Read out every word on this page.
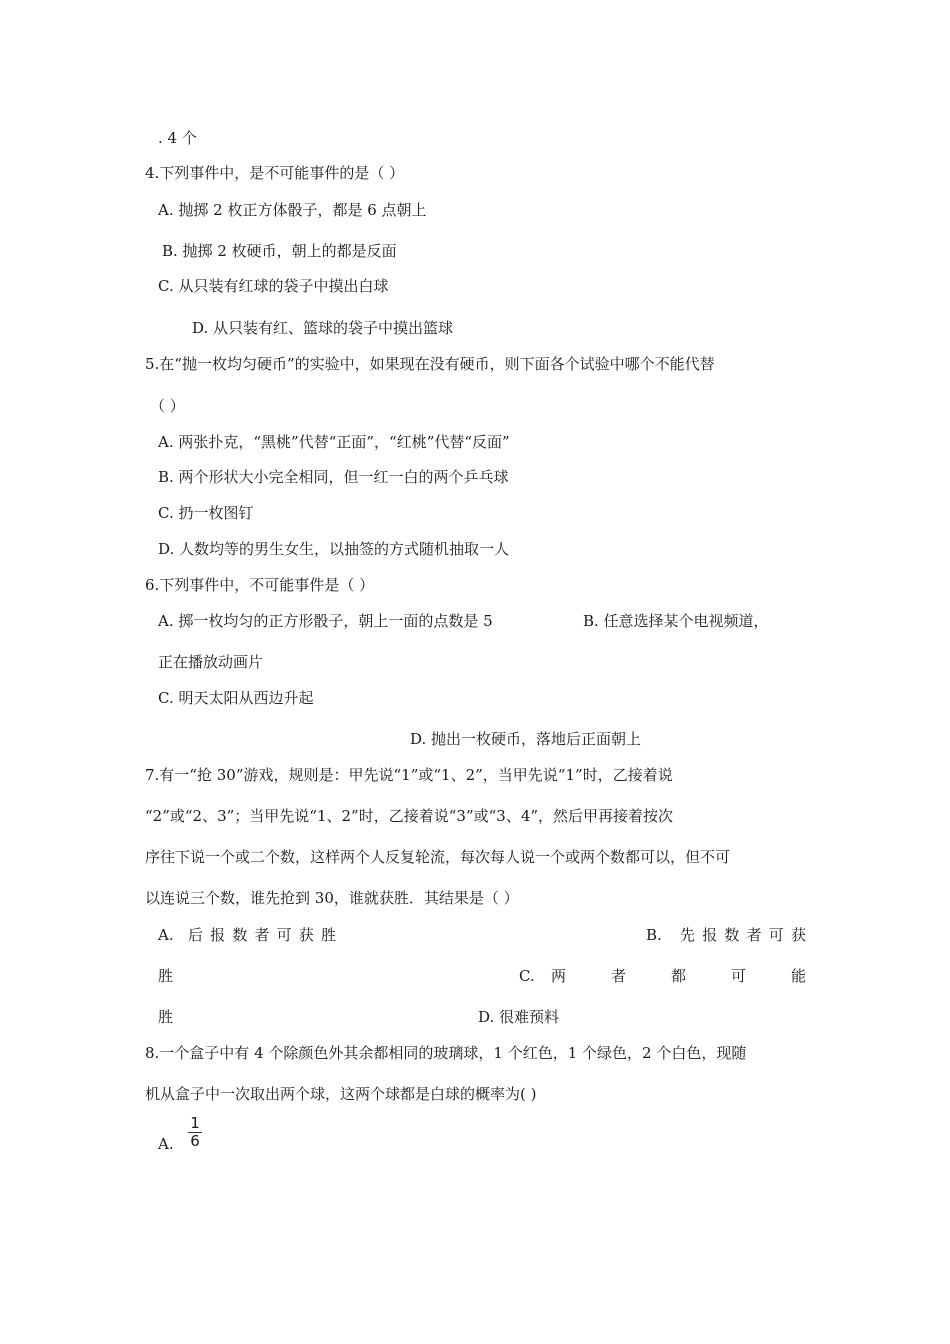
. 4 个
4.下列事件中，是不可能事件的是（ ）
A. 抛掷 2 枚正方体骰子，都是 6 点朝上
B. 抛掷 2 枚硬币，朝上的都是反面
C. 从只装有红球的袋子中摸出白球
D. 从只装有红、篮球的袋子中摸出篮球
5.在“抛一枚均匀硬币”的实验中，如果现在没有硬币，则下面各个试验中哪个不能代替
（ ）
A. 两张扑克，“黑桃”代替“正面”，“红桃”代替“反面”
B. 两个形状大小完全相同，但一红一白的两个乒乓球
C. 扔一枚图钉
D. 人数均等的男生女生，以抽签的方式随机抽取一人
6.下列事件中，不可能事件是（ ）
A. 掷一枚均匀的正方形骰子，朝上一面的点数是 5	B. 任意选择某个电视频道，
正在播放动画片
C. 明天太阳从西边升起
D. 抛出一枚硬币，落地后正面朝上
7.有一“抢 30”游戏，规则是：甲先说“1”或“1、2”，当甲先说“1”时，乙接着说
“2”或“2、3”；当甲先说“1、2”时，乙接着说“3”或“3、4”，然后甲再接着按次
序往下说一个或二个数，这样两个人反复轮流，每次每人说一个或两个数都可以，但不可
以连说三个数，谁先抢到 30，谁就获胜．其结果是（ ）
A. 后 报 数 者 可 获 胜	B. 先 报 数 者 可 获
胜	C. 两	者	都	可	能
胜	D. 很难预料
8.一个盒子中有 4 个除颜色外其余都相同的玻璃球，1 个红色，1 个绿色，2 个白色，现随
机从盒子中一次取出两个球，这两个球都是白球的概率为( )
A. $\frac{1}{6}$
